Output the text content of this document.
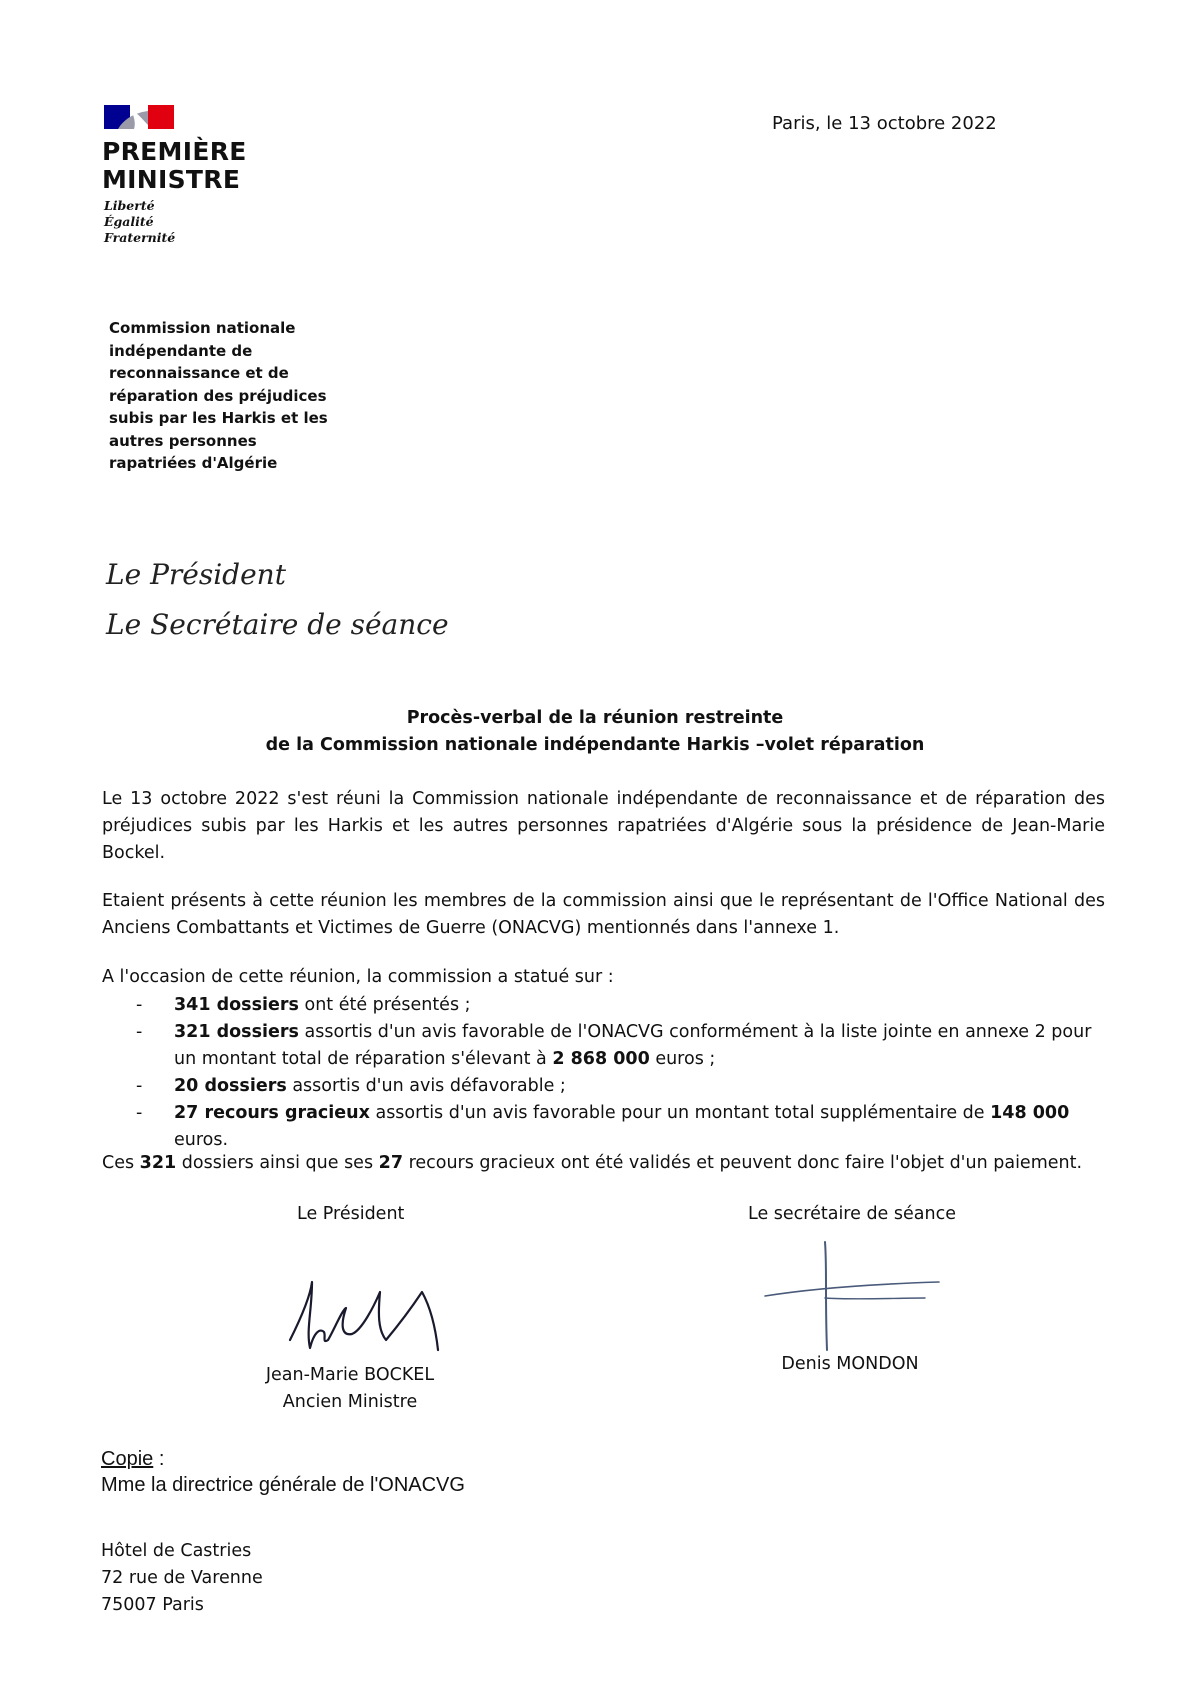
PREMIÈRE
MINISTRE
Liberté
Égalité
Fraternité
Paris, le 13 octobre 2022
Commission nationale
indépendante de
reconnaissance et de
réparation des préjudices
subis par les Harkis et les
autres personnes
rapatriées d'Algérie
Le Président
Le Secrétaire de séance
Procès-verbal de la réunion restreinte
de la Commission nationale indépendante Harkis –volet réparation
Le 13 octobre 2022 s'est réuni la Commission nationale indépendante de reconnaissance et de réparation des préjudices subis par les Harkis et les autres personnes rapatriées d'Algérie sous la présidence de Jean-Marie Bockel.
Etaient présents à cette réunion les membres de la commission ainsi que le représentant de l'Office National des Anciens Combattants et Victimes de Guerre (ONACVG) mentionnés dans l'annexe 1.
A l'occasion de cette réunion, la commission a statué sur :
- 341 dossiers ont été présentés ;
- 321 dossiers assortis d'un avis favorable de l'ONACVG conformément à la liste jointe en annexe 2 pour un montant total de réparation s'élevant à 2 868 000 euros ;
- 20 dossiers assortis d'un avis défavorable ;
- 27 recours gracieux assortis d'un avis favorable pour un montant total supplémentaire de 148 000 euros.
Ces 321 dossiers ainsi que ses 27 recours gracieux ont été validés et peuvent donc faire l'objet d'un paiement.
Le Président	Le secrétaire de séance
Jean-Marie BOCKEL
Ancien Ministre
Denis MONDON
Copie :
Mme la directrice générale de l'ONACVG
Hôtel de Castries
72 rue de Varenne
75007 Paris
